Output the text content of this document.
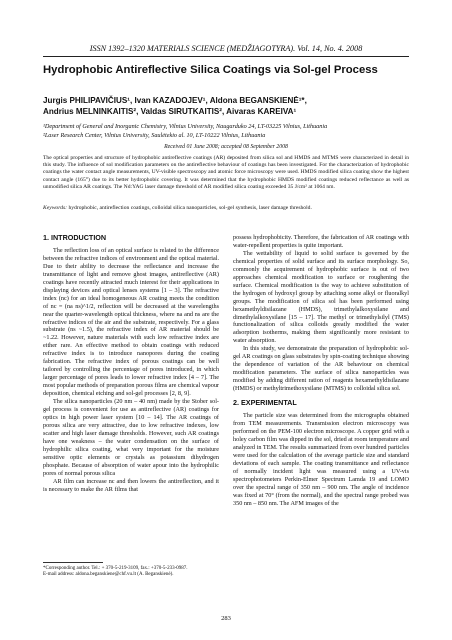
ISSN 1392–1320 MATERIALS SCIENCE (MEDŽIAGOTYRA). Vol. 14, No. 4. 2008
Hydrophobic Antireflective Silica Coatings via Sol-gel Process
Jurgis PHILIPAVIČIUS¹, Ivan KAZADOJEV¹, Aldona BEGANSKIENĖ¹*,
Andrius MELNINKAITIS², Valdas SIRUTKAITIS², Aivaras KAREIVA¹
¹Department of General and Inorganic Chemistry, Vilnius University, Naugarduko 24, LT-03225 Vilnius, Lithuania
²Laser Research Center, Vilnius University, Saulėtekio al. 10, LT-10222 Vilnius, Lithuania
Received 01 June 2008; accepted 08 September 2008
The optical properties and structure of hydrophobic antireflective coatings (AR) deposited from silica sol and HMDS and MTMS were characterized in detail in this study. The influence of sol modification parameters on the antireflective behaviour of coatings has been investigated. For the characterization of hydrophobic coatings the water contact angle measurements, UV-visible spectroscopy and atomic force microscopy were used. HMDS modified silica coating show the highest contact angle (165°) due to its better hydrophobic covering. It was determined that the hydrophobic HMDS modified coatings reduced reflectance as well as unmodified silica AR coatings. The Nd:YAG laser damage threshold of AR modified silica coating exceeded 35 J/cm² at 1064 nm.
Keywords: hydrophobic, antireflection coatings, colloidal silica nanoparticles, sol-gel synthesis, laser damage threshold.
1. INTRODUCTION

The reflection loss of an optical surface is related to the difference between the refractive indices of environment and the optical material. Due to their ability to decrease the reflectance and increase the transmittance of light and remove ghost images, antireflective (AR) coatings have recently attracted much interest for their applications in displaying devices and optical lenses systems [1 – 3]. The refractive index (nc) for an ideal homogeneous AR coating meets the condition of nc = (na ns)^1/2, reflection will be decreased at the wavelengths near the quarter-wavelength optical thickness, where na and ns are the refractive indices of the air and the substrate, respectively. For a glass substrate (ns ~1.5), the refractive index of AR material should be ~1.22. However, nature materials with such low refractive index are either rare. An effective method to obtain coatings with reduced refractive index is to introduce nanopores during the coating fabrication. The refractive index of porous coatings can be well tailored by controlling the percentage of pores introduced, in which larger percentage of pores leads to lower refractive index [4 – 7]. The most popular methods of preparation porous films are chemical vapour deposition, chemical etching and sol-gel processes [2, 8, 9].

The silica nanoparticles (20 nm – 40 nm) made by the Stober sol-gel process is convenient for use as antireflective (AR) coatings for optics in high power laser system [10 – 14]. The AR coatings of porous silica are very attractive, due to low refractive indexes, low scatter and high laser damage thresholds. However, such AR coatings have one weakness – the water condensation on the surface of hydrophilic silica coating, what very important for the moisture sensitive optic elements or crystals as potassium dihydrogen phosphate. Because of absorption of water apour into the hydrophilic pores of normal porous silica

AR film can increase nc and then lowers the antireflection, and it is necessary to make the AR films that

possess hydrophobicity. Therefore, the fabrication of AR coatings with water-repellent properties is quite important.

The wettability of liquid to solid surface is governed by the chemical properties of solid surface and its surface morphology. So, commonly the acquirement of hydrophobic surface is out of two approaches chemical modification to surface or roughening the surface. Chemical modification is the way to achieve substitution of the hydrogen of hydroxyl group by attaching some alkyl or fluoralkyl groups. The modification of silica sol has been performed using hexamethyldisilazane (HMDS), trimethylalkoxysilane and dimethylalkoxysilane [15 – 17]. The methyl or trimethylsilyl (TMS) functionalization of silica colloids greatly modified the water adsorption isotherms, making them significantly more resistant to water absorption.

In this study, we demonstrate the preparation of hydrophobic sol-gel AR coatings on glass substrates by spin-coating technique showing the dependence of variation of the AR behaviour on chemical modification parameters. The surface of silica nanoparticles was modified by adding different ration of reagents hexamethyldisilazane (HMDS) or methyltrimethoxysilane (MTMS) to colloidal silica sol.

2. EXPERIMENTAL

The particle size was determined from the micrographs obtained from TEM measurements. Transmission electron microscopy was performed on the PEM-100 electron microscope. A copper grid with a holey carbon film was dipped in the sol, dried at room temperature and analyzed in TEM. The results summarized from over hundred particles were used for the calculation of the average particle size and standard deviations of each sample. The coating transmittance and reflectance of normally incident light was measured using a UV-vis spectrophotometers Perkin-Elmer Spectrum Lamda 19 and LOMO over the spectral range of 350 nm – 900 nm. The angle of incidence was fixed at 70° (from the normal), and the spectral range probed was 350 nm – 850 nm. The AFM images of the

*Corresponding author. Tel.: + 370-5-219-3109, fax.: +370-5-233-0987.
E-mail address: aldona.beganskiene@chf.vu.lt (A. Beganskienė).
283
